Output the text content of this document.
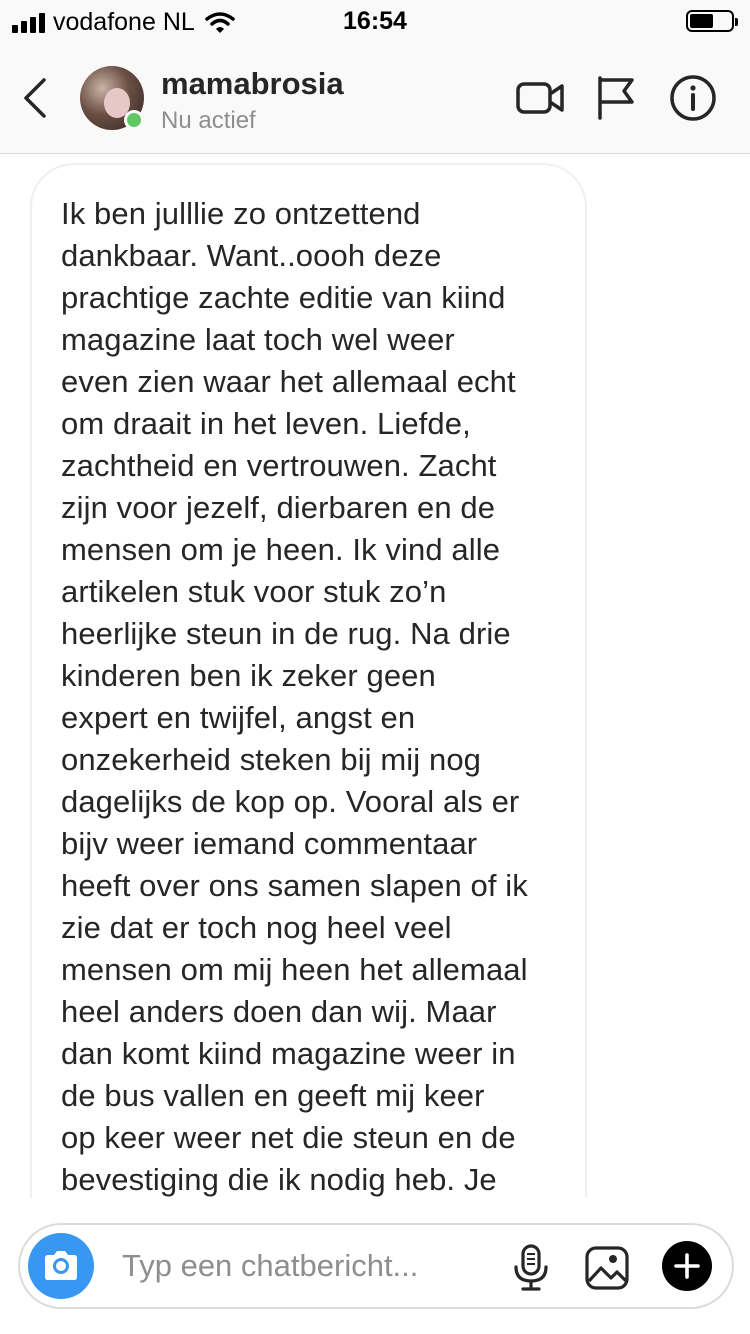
vodafone NL	16:54
mamabrosia
Nu actief
Ik ben julllie zo ontzettend
dankbaar. Want..oooh deze
prachtige zachte editie van kiind
magazine laat toch wel weer
even zien waar het allemaal echt
om draait in het leven. Liefde,
zachtheid en vertrouwen. Zacht
zijn voor jezelf, dierbaren en de
mensen om je heen. Ik vind alle
artikelen stuk voor stuk zo’n
heerlijke steun in de rug. Na drie
kinderen ben ik zeker geen
expert en twijfel, angst en
onzekerheid steken bij mij nog
dagelijks de kop op. Vooral als er
bijv weer iemand commentaar
heeft over ons samen slapen of ik
zie dat er toch nog heel veel
mensen om mij heen het allemaal
heel anders doen dan wij. Maar
dan komt kiind magazine weer in
de bus vallen en geeft mij keer
op keer weer net die steun en de
bevestiging die ik nodig heb. Je
Typ een chatbericht...
